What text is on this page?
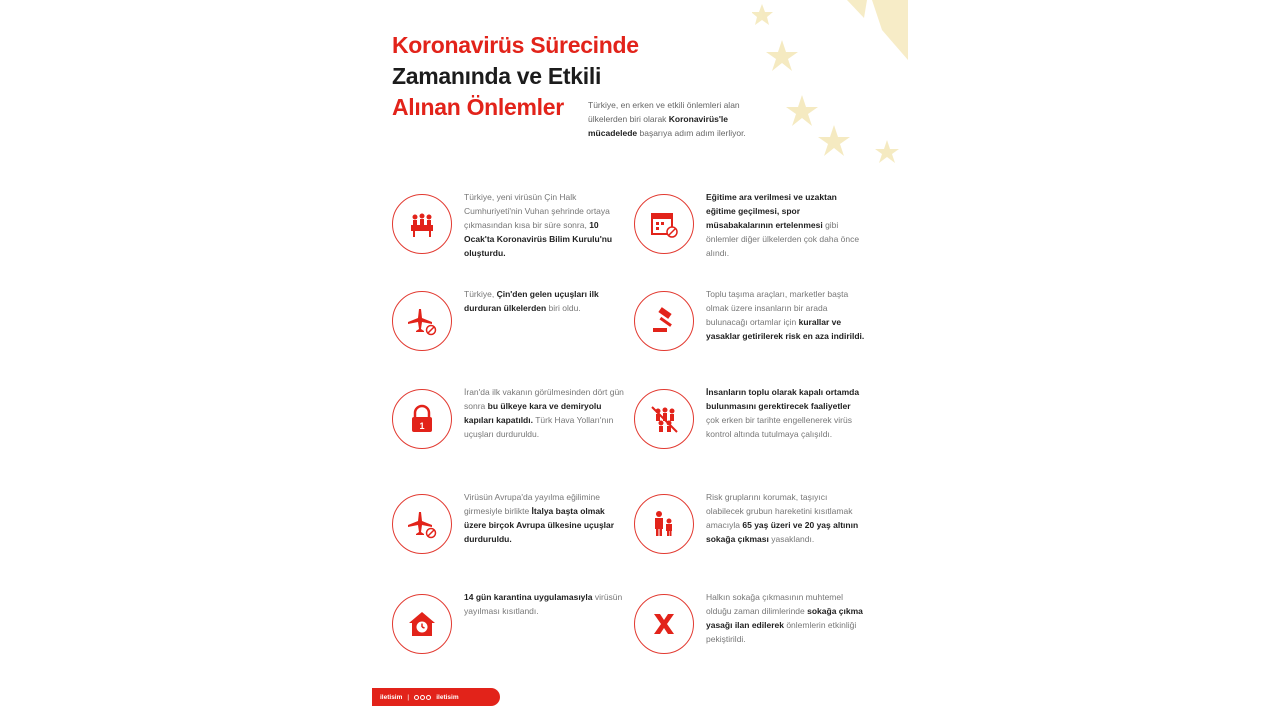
Koronavirüs Sürecinde
Zamanında ve Etkili
Alınan Önlemler	Türkiye, en erken ve etkili önlemleri alan ülkelerden biri olarak Koronavirüs'le mücadelede başarıya adım adım ilerliyor.
Türkiye, yeni virüsün Çin Halk Cumhuriyeti'nin Vuhan şehrinde ortaya çıkmasından kısa bir süre sonra, 10 Ocak'ta Koronavirüs Bilim Kurulu'nu oluşturdu.
Eğitime ara verilmesi ve uzaktan eğitime geçilmesi, spor müsabakalarının ertelenmesi gibi önlemler diğer ülkelerden çok daha önce alındı.
Türkiye, Çin'den gelen uçuşları ilk durduran ülkelerden biri oldu.
Toplu taşıma araçları, marketler başta olmak üzere insanların bir arada bulunacağı ortamlar için kurallar ve yasaklar getirilerek risk en aza indirildi.
1
İran'da ilk vakanın görülmesinden dört gün sonra bu ülkeye kara ve demiryolu kapıları kapatıldı. Türk Hava Yolları'nın uçuşları durduruldu.
İnsanların toplu olarak kapalı ortamda bulunmasını gerektirecek faaliyetler çok erken bir tarihte engellenerek virüs kontrol altında tutulmaya çalışıldı.
Virüsün Avrupa'da yayılma eğilimine girmesiyle birlikte İtalya başta olmak üzere birçok Avrupa ülkesine uçuşlar durduruldu.
Risk gruplarını korumak, taşıyıcı olabilecek grubun hareketini kısıtlamak amacıyla 65 yaş üzeri ve 20 yaş altının sokağa çıkması yasaklandı.
14 gün karantina uygulamasıyla virüsün yayılması kısıtlandı.
Halkın sokağa çıkmasının muhtemel olduğu zaman dilimlerinde sokağa çıkma yasağı ilan edilerek önlemlerin etkinliği pekiştirildi.
iletisim |	iletisim
